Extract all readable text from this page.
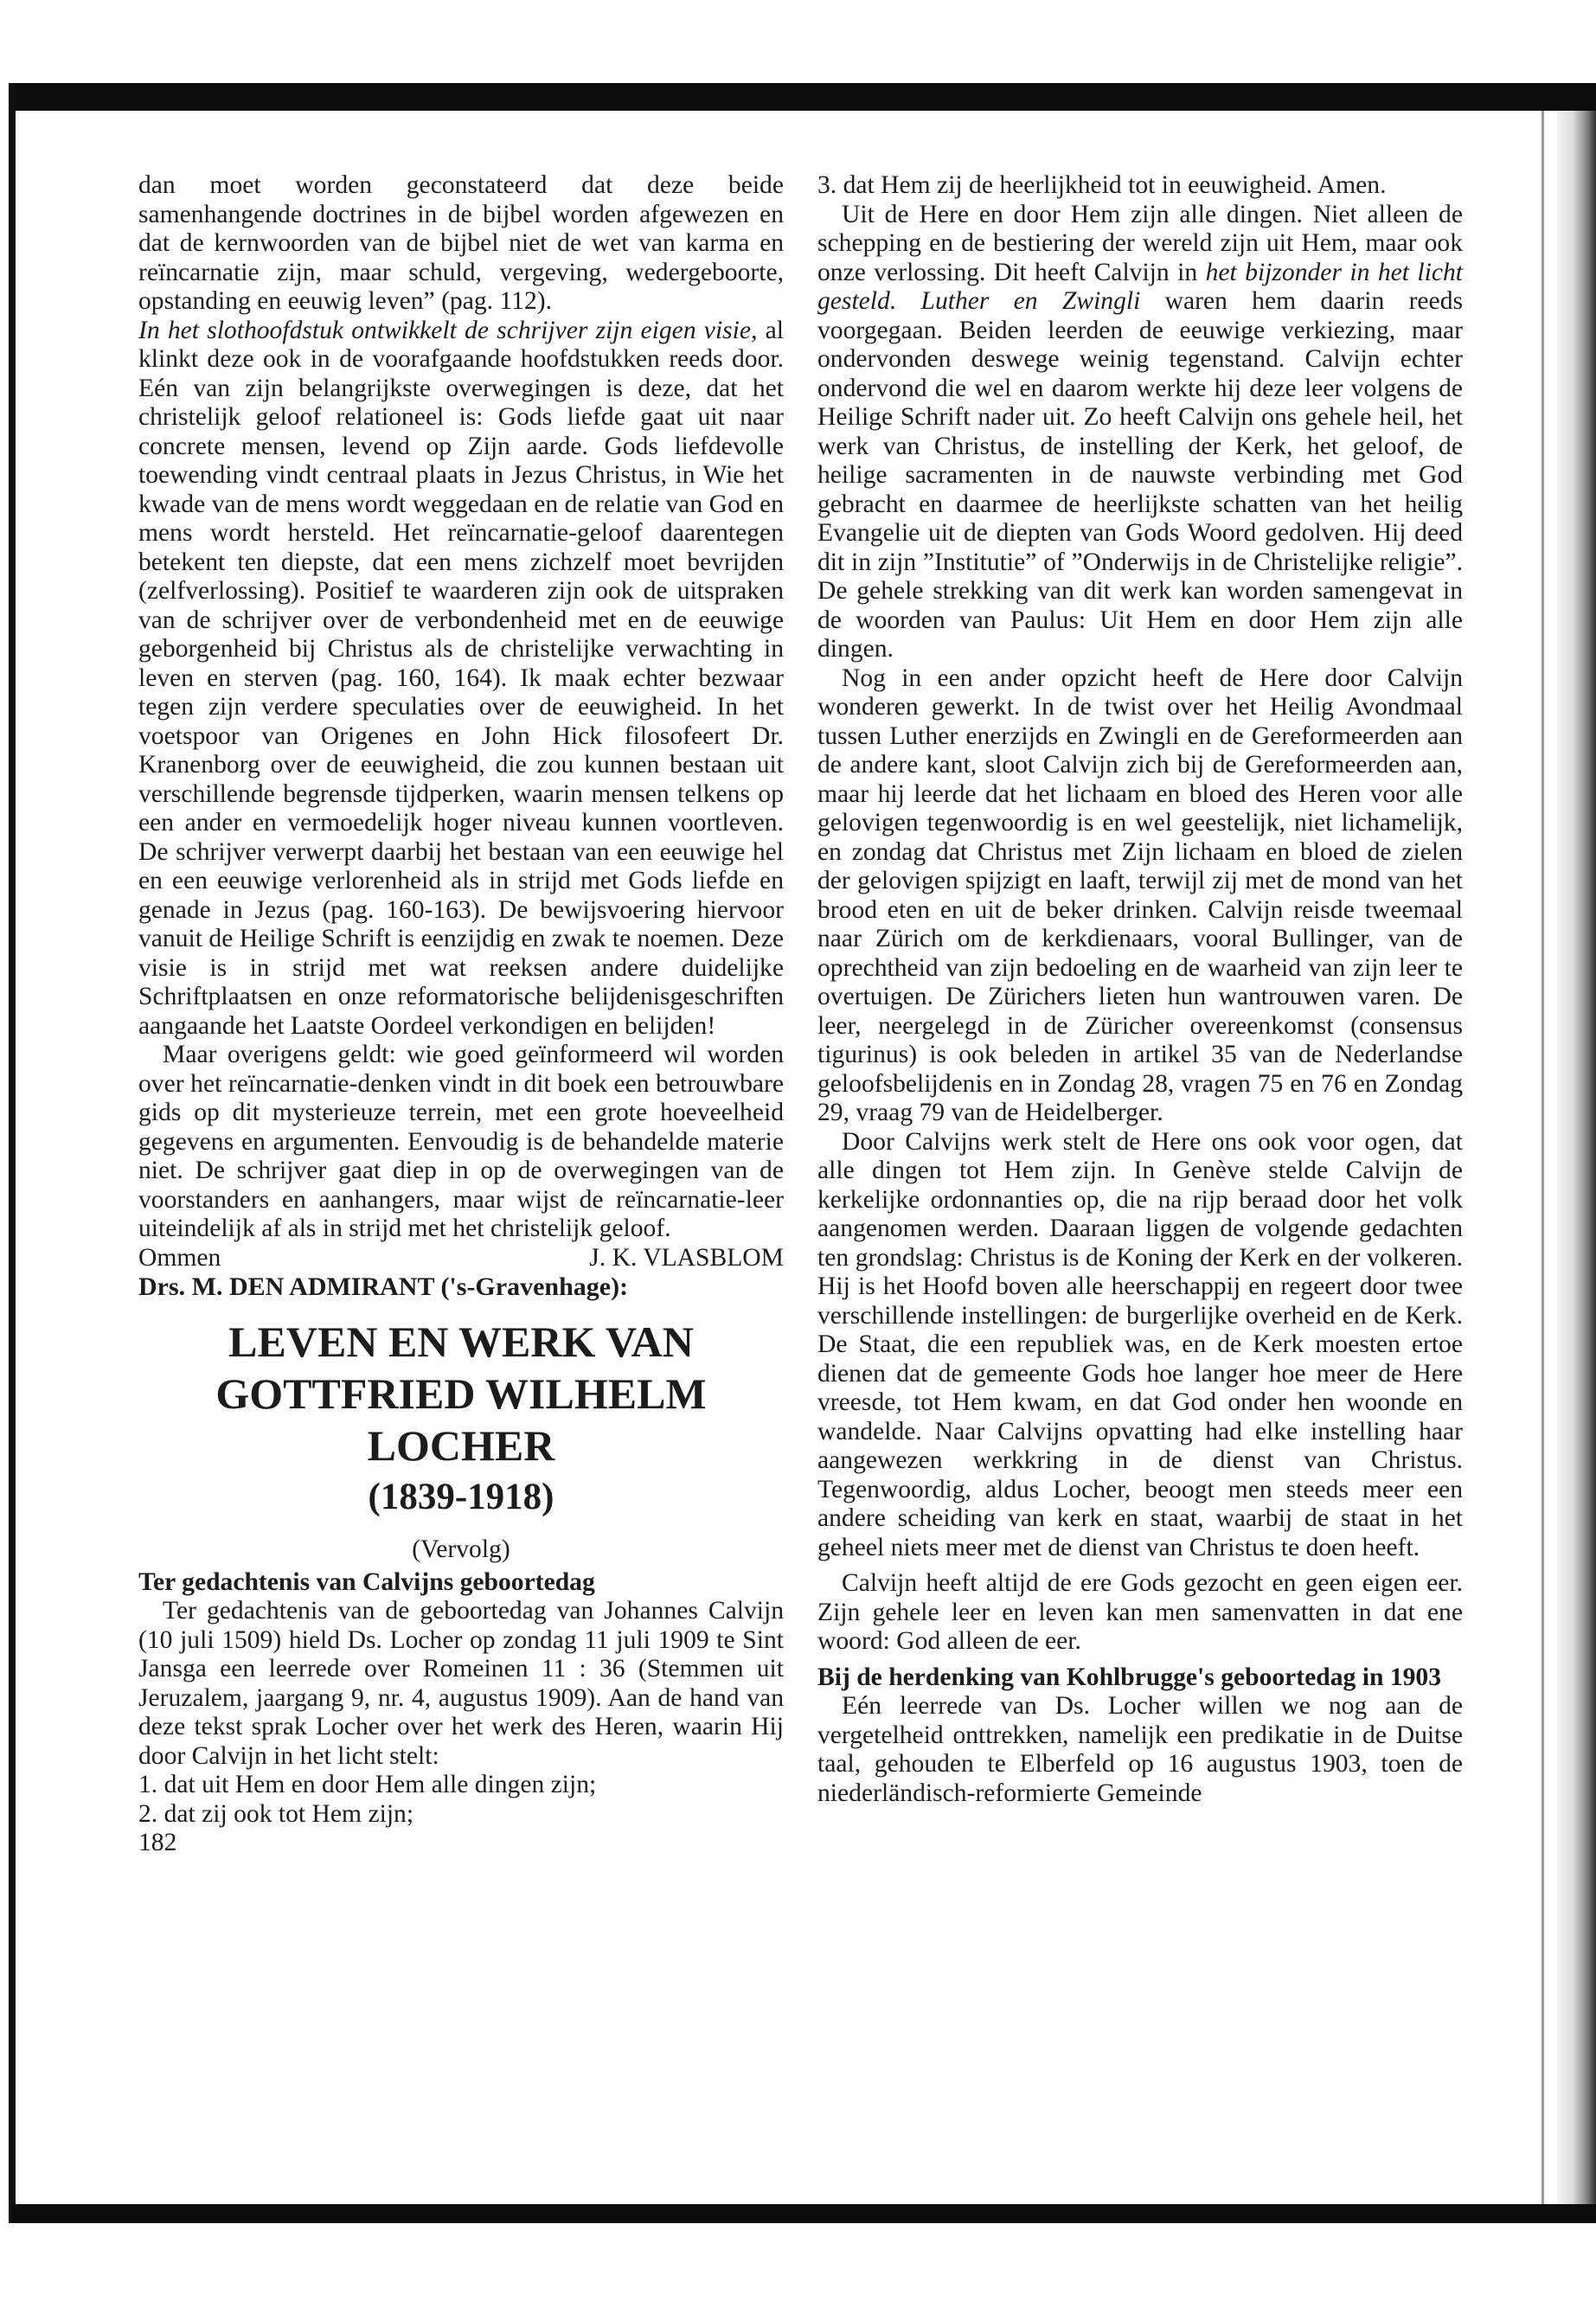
dan moet worden geconstateerd dat deze beide samenhangende doctrines in de bijbel worden afgewezen en dat de kernwoorden van de bijbel niet de wet van karma en reïncarnatie zijn, maar schuld, vergeving, wedergeboorte, opstanding en eeuwig leven” (pag. 112).

In het slothoofdstuk ontwikkelt de schrijver zijn eigen visie, al klinkt deze ook in de voorafgaande hoofdstukken reeds door. Eén van zijn belangrijkste overwegingen is deze, dat het christelijk geloof relationeel is: Gods liefde gaat uit naar concrete mensen, levend op Zijn aarde. Gods liefdevolle toewending vindt centraal plaats in Jezus Christus, in Wie het kwade van de mens wordt weggedaan en de relatie van God en mens wordt hersteld. Het reïncarnatie-geloof daarentegen betekent ten diepste, dat een mens zichzelf moet bevrijden (zelfverlossing). Positief te waarderen zijn ook de uitspraken van de schrijver over de verbondenheid met en de eeuwige geborgenheid bij Christus als de christelijke verwachting in leven en sterven (pag. 160, 164). Ik maak echter bezwaar tegen zijn verdere speculaties over de eeuwigheid. In het voetspoor van Origenes en John Hick filosofeert Dr. Kranenborg over de eeuwigheid, die zou kunnen bestaan uit verschillende begrensde tijdperken, waarin mensen telkens op een ander en vermoedelijk hoger niveau kunnen voortleven. De schrijver verwerpt daarbij het bestaan van een eeuwige hel en een eeuwige verlorenheid als in strijd met Gods liefde en genade in Jezus (pag. 160-163). De bewijsvoering hiervoor vanuit de Heilige Schrift is eenzijdig en zwak te noemen. Deze visie is in strijd met wat reeksen andere duidelijke Schriftplaatsen en onze reformatorische belijdenisgeschriften aangaande het Laatste Oordeel verkondigen en belijden!

Maar overigens geldt: wie goed geïnformeerd wil worden over het reïncarnatie-denken vindt in dit boek een betrouwbare gids op dit mysterieuze terrein, met een grote hoeveelheid gegevens en argumenten. Eenvoudig is de behandelde materie niet. De schrijver gaat diep in op de overwegingen van de voorstanders en aanhangers, maar wijst de reïncarnatie-leer uiteindelijk af als in strijd met het christelijk geloof.

Ommen	J. K. VLASBLOM

Drs. M. DEN ADMIRANT ('s-Gravenhage):

LEVEN EN WERK VAN
GOTTFRIED WILHELM LOCHER
(1839-1918)
(Vervolg)

Ter gedachtenis van Calvijns geboortedag

Ter gedachtenis van de geboortedag van Johannes Calvijn (10 juli 1509) hield Ds. Locher op zondag 11 juli 1909 te Sint Jansga een leerrede over Romeinen 11 : 36 (Stemmen uit Jeruzalem, jaargang 9, nr. 4, augustus 1909). Aan de hand van deze tekst sprak Locher over het werk des Heren, waarin Hij door Calvijn in het licht stelt:

1. dat uit Hem en door Hem alle dingen zijn;

2. dat zij ook tot Hem zijn;

182

3. dat Hem zij de heerlijkheid tot in eeuwigheid. Amen.

Uit de Here en door Hem zijn alle dingen. Niet alleen de schepping en de bestiering der wereld zijn uit Hem, maar ook onze verlossing. Dit heeft Calvijn in het bijzonder in het licht gesteld. Luther en Zwingli waren hem daarin reeds voorgegaan. Beiden leerden de eeuwige verkiezing, maar ondervonden deswege weinig tegenstand. Calvijn echter ondervond die wel en daarom werkte hij deze leer volgens de Heilige Schrift nader uit. Zo heeft Calvijn ons gehele heil, het werk van Christus, de instelling der Kerk, het geloof, de heilige sacramenten in de nauwste verbinding met God gebracht en daarmee de heerlijkste schatten van het heilig Evangelie uit de diepten van Gods Woord gedolven. Hij deed dit in zijn ”Institutie” of ”Onderwijs in de Christelijke religie”. De gehele strekking van dit werk kan worden samengevat in de woorden van Paulus: Uit Hem en door Hem zijn alle dingen.

Nog in een ander opzicht heeft de Here door Calvijn wonderen gewerkt. In de twist over het Heilig Avondmaal tussen Luther enerzijds en Zwingli en de Gereformeerden aan de andere kant, sloot Calvijn zich bij de Gereformeerden aan, maar hij leerde dat het lichaam en bloed des Heren voor alle gelovigen tegenwoordig is en wel geestelijk, niet lichamelijk, en zondag dat Christus met Zijn lichaam en bloed de zielen der gelovigen spijzigt en laaft, terwijl zij met de mond van het brood eten en uit de beker drinken. Calvijn reisde tweemaal naar Zürich om de kerkdienaars, vooral Bullinger, van de oprechtheid van zijn bedoeling en de waarheid van zijn leer te overtuigen. De Zürichers lieten hun wantrouwen varen. De leer, neergelegd in de Züricher overeenkomst (consensus tigurinus) is ook beleden in artikel 35 van de Nederlandse geloofsbelijdenis en in Zondag 28, vragen 75 en 76 en Zondag 29, vraag 79 van de Heidelberger.

Door Calvijns werk stelt de Here ons ook voor ogen, dat alle dingen tot Hem zijn. In Genève stelde Calvijn de kerkelijke ordonnanties op, die na rijp beraad door het volk aangenomen werden. Daaraan liggen de volgende gedachten ten grondslag: Christus is de Koning der Kerk en der volkeren. Hij is het Hoofd boven alle heerschappij en regeert door twee verschillende instellingen: de burgerlijke overheid en de Kerk. De Staat, die een republiek was, en de Kerk moesten ertoe dienen dat de gemeente Gods hoe langer hoe meer de Here vreesde, tot Hem kwam, en dat God onder hen woonde en wandelde. Naar Calvijns opvatting had elke instelling haar aangewezen werkkring in de dienst van Christus. Tegenwoordig, aldus Locher, beoogt men steeds meer een andere scheiding van kerk en staat, waarbij de staat in het geheel niets meer met de dienst van Christus te doen heeft.

Calvijn heeft altijd de ere Gods gezocht en geen eigen eer. Zijn gehele leer en leven kan men samenvatten in dat ene woord: God alleen de eer.

Bij de herdenking van Kohlbrugge's geboortedag in 1903

Eén leerrede van Ds. Locher willen we nog aan de vergetelheid onttrekken, namelijk een predikatie in de Duitse taal, gehouden te Elberfeld op 16 augustus 1903, toen de niederländisch-reformierte Gemeinde
